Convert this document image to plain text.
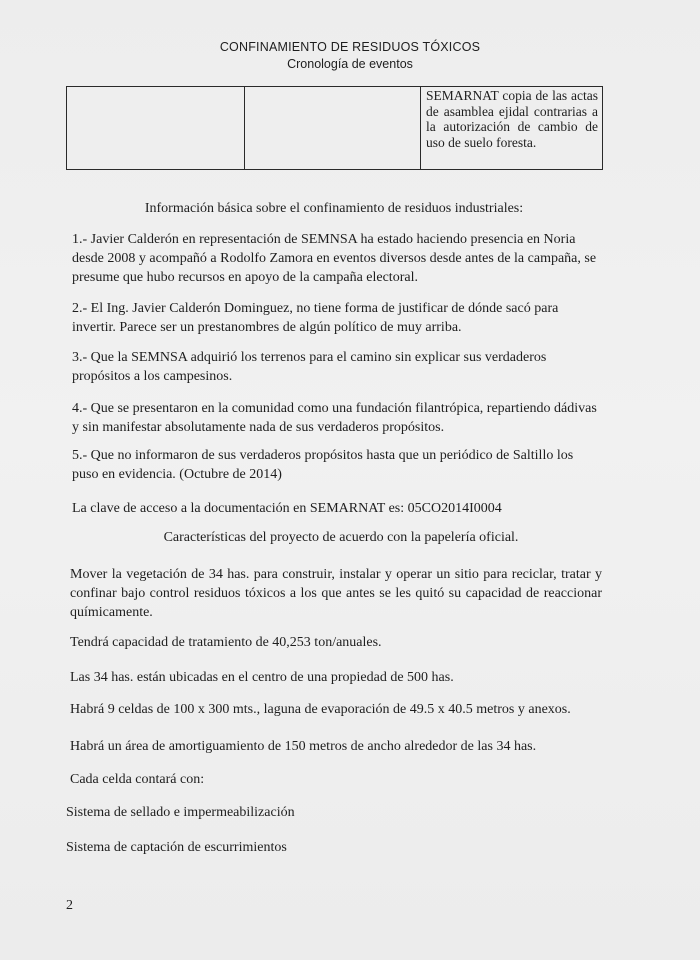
CONFINAMIENTO DE RESIDUOS TÓXICOS
Cronología de eventos

SEMARNAT copia de las actas de asamblea ejidal contrarias a la autorización de cambio de uso de suelo foresta.
Información básica sobre el confinamiento de residuos industriales:
1.- Javier Calderón en representación de SEMNSA ha estado haciendo presencia en Noria desde 2008 y acompañó a Rodolfo Zamora en eventos diversos desde antes de la campaña, se presume que hubo recursos en apoyo de la campaña electoral.
2.- El Ing. Javier Calderón Dominguez, no tiene forma de justificar de dónde sacó para invertir. Parece ser un prestanombres de algún político de muy arriba.
3.- Que la SEMNSA adquirió los terrenos para el camino sin explicar sus verdaderos propósitos a los campesinos.
4.- Que se presentaron en la comunidad como una fundación filantrópica, repartiendo dádivas y sin manifestar absolutamente nada de sus verdaderos propósitos.
5.- Que no informaron de sus verdaderos propósitos hasta que un periódico de Saltillo los puso en evidencia. (Octubre de 2014)
La clave de acceso a la documentación en SEMARNAT es: 05CO2014I0004
Características del proyecto de acuerdo con la papelería oficial.
Mover la vegetación de 34 has. para construir, instalar y operar un sitio para reciclar, tratar y confinar bajo control residuos tóxicos a los que antes se les quitó su capacidad de reaccionar químicamente.
Tendrá capacidad de tratamiento de 40,253 ton/anuales.
Las 34 has. están ubicadas en el centro de una propiedad de 500 has.
Habrá 9 celdas de 100 x 300 mts., laguna de evaporación de 49.5 x 40.5 metros y anexos.
Habrá un área de amortiguamiento de 150 metros de ancho alrededor de las 34 has.
Cada celda contará con:
Sistema de sellado e impermeabilización
Sistema de captación de escurrimientos
2
